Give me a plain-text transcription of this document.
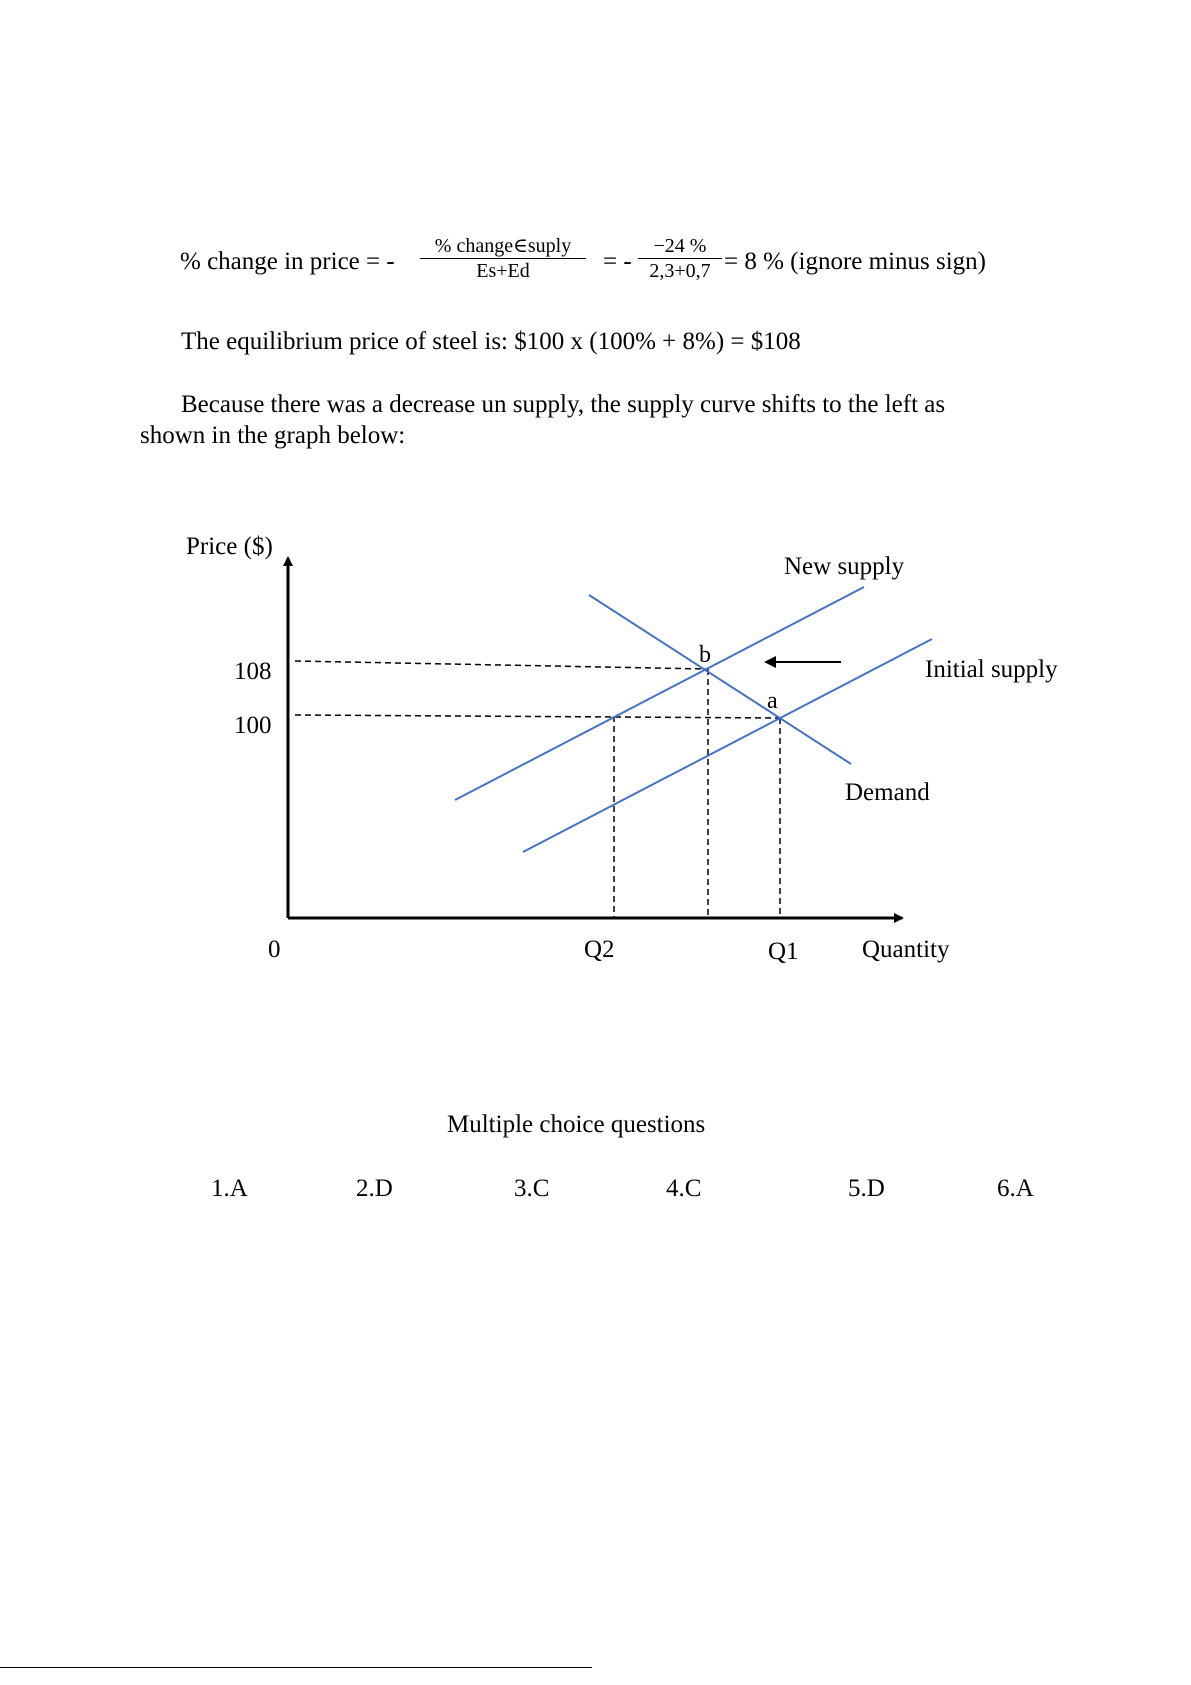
% change in price = -
% change∈suply
Es+Ed	= - $\frac{-24 \%}{2,3+0,7} = 8$ % (ignore minus sign)
The equilibrium price of steel is: $100 x (100% + 8%) = $108
Because there was a decrease un supply, the supply curve shifts to the left as
shown in the graph below:
Price ($)
Quantity
0
108
100
Q2	Q1
New supply
Initial supply
Demand
b
a
Multiple choice questions
1.A	2.D	3.C	4.C	5.D	6.A
